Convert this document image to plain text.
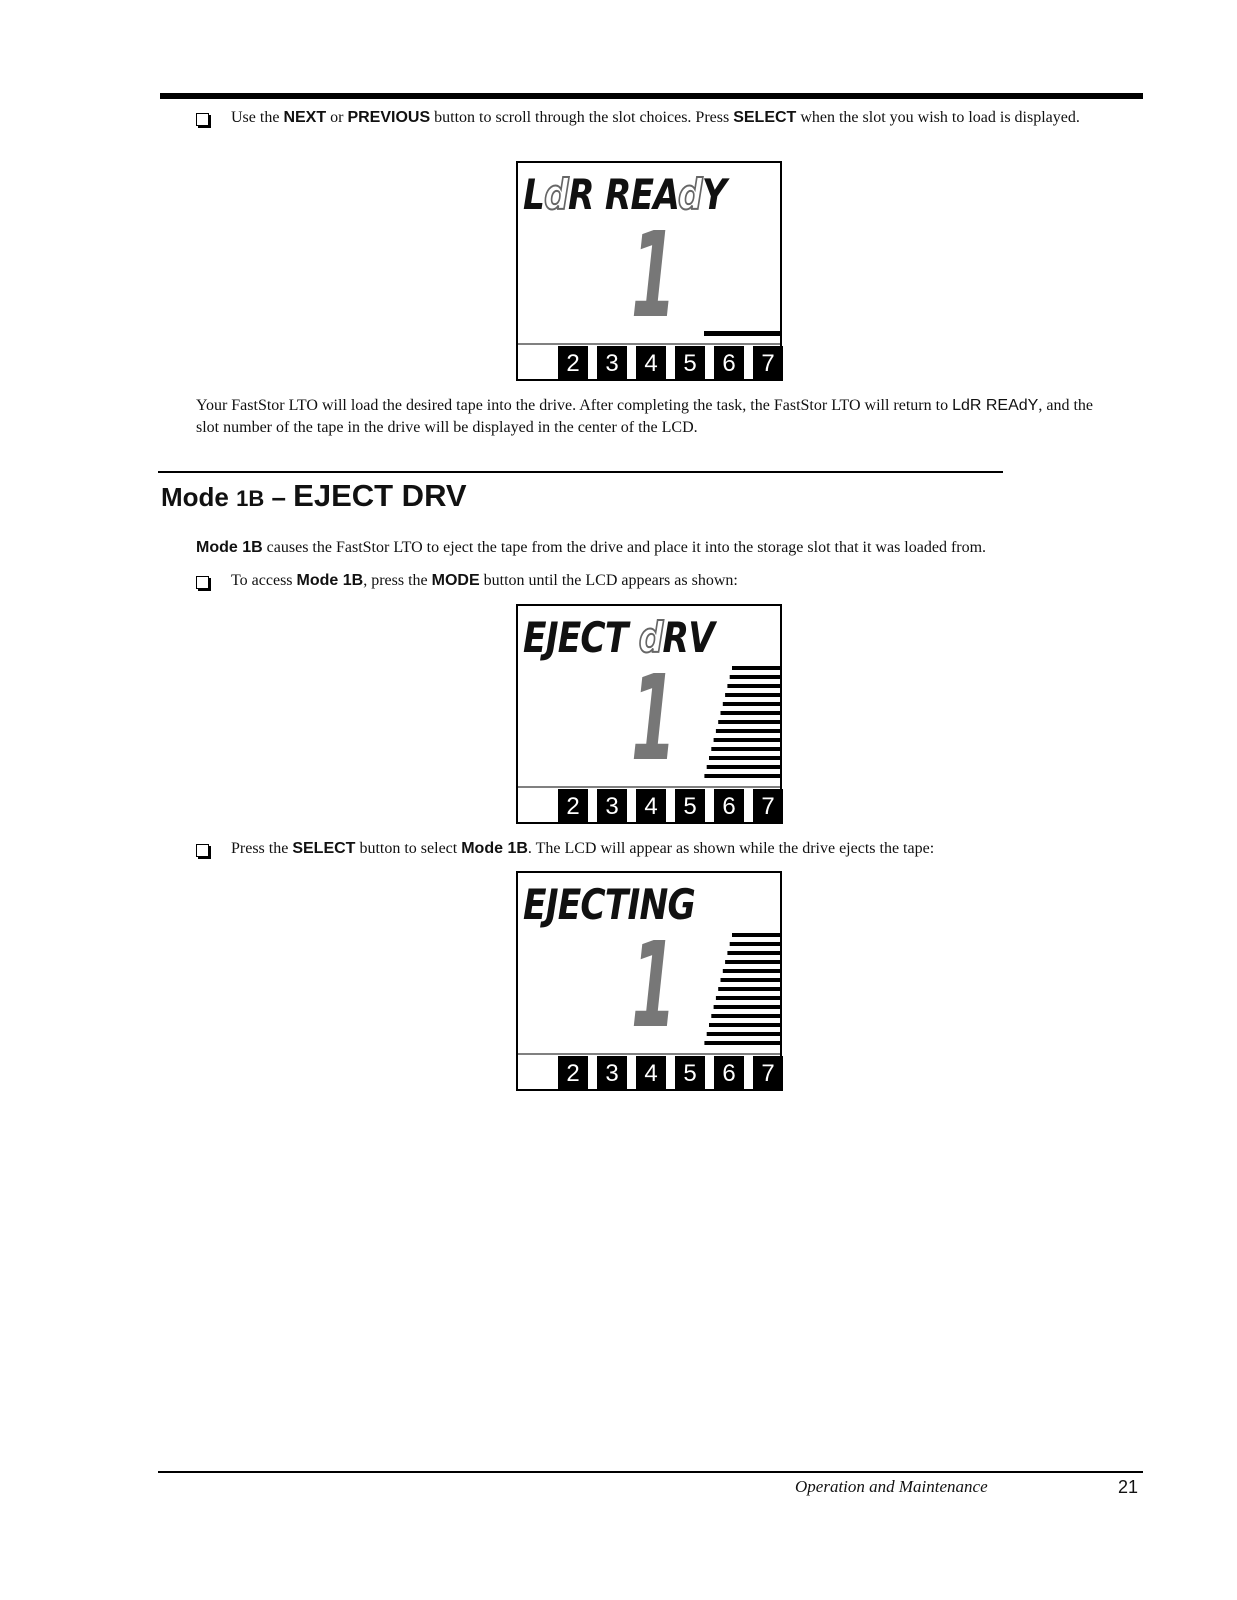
Use the NEXT or PREVIOUS button to scroll through the slot choices. Press SELECT when the slot you wish to load is displayed.

LdR REAdY

1

2	3	4	5	6	7

Your FastStor LTO will load the desired tape into the drive. After completing the task, the FastStor LTO will return to LdR REAdY, and the slot number of the tape in the drive will be displayed in the center of the LCD.

Mode 1B – EJECT DRV

Mode 1B causes the FastStor LTO to eject the tape from the drive and place it into the storage slot that it was loaded from.

To access Mode 1B, press the MODE button until the LCD appears as shown:

EJECT dRV

1

2	3	4	5	6	7

Press the SELECT button to select Mode 1B. The LCD will appear as shown while the drive ejects the tape:

EJECTING

1

2	3	4	5	6	7
Operation and Maintenance	21
